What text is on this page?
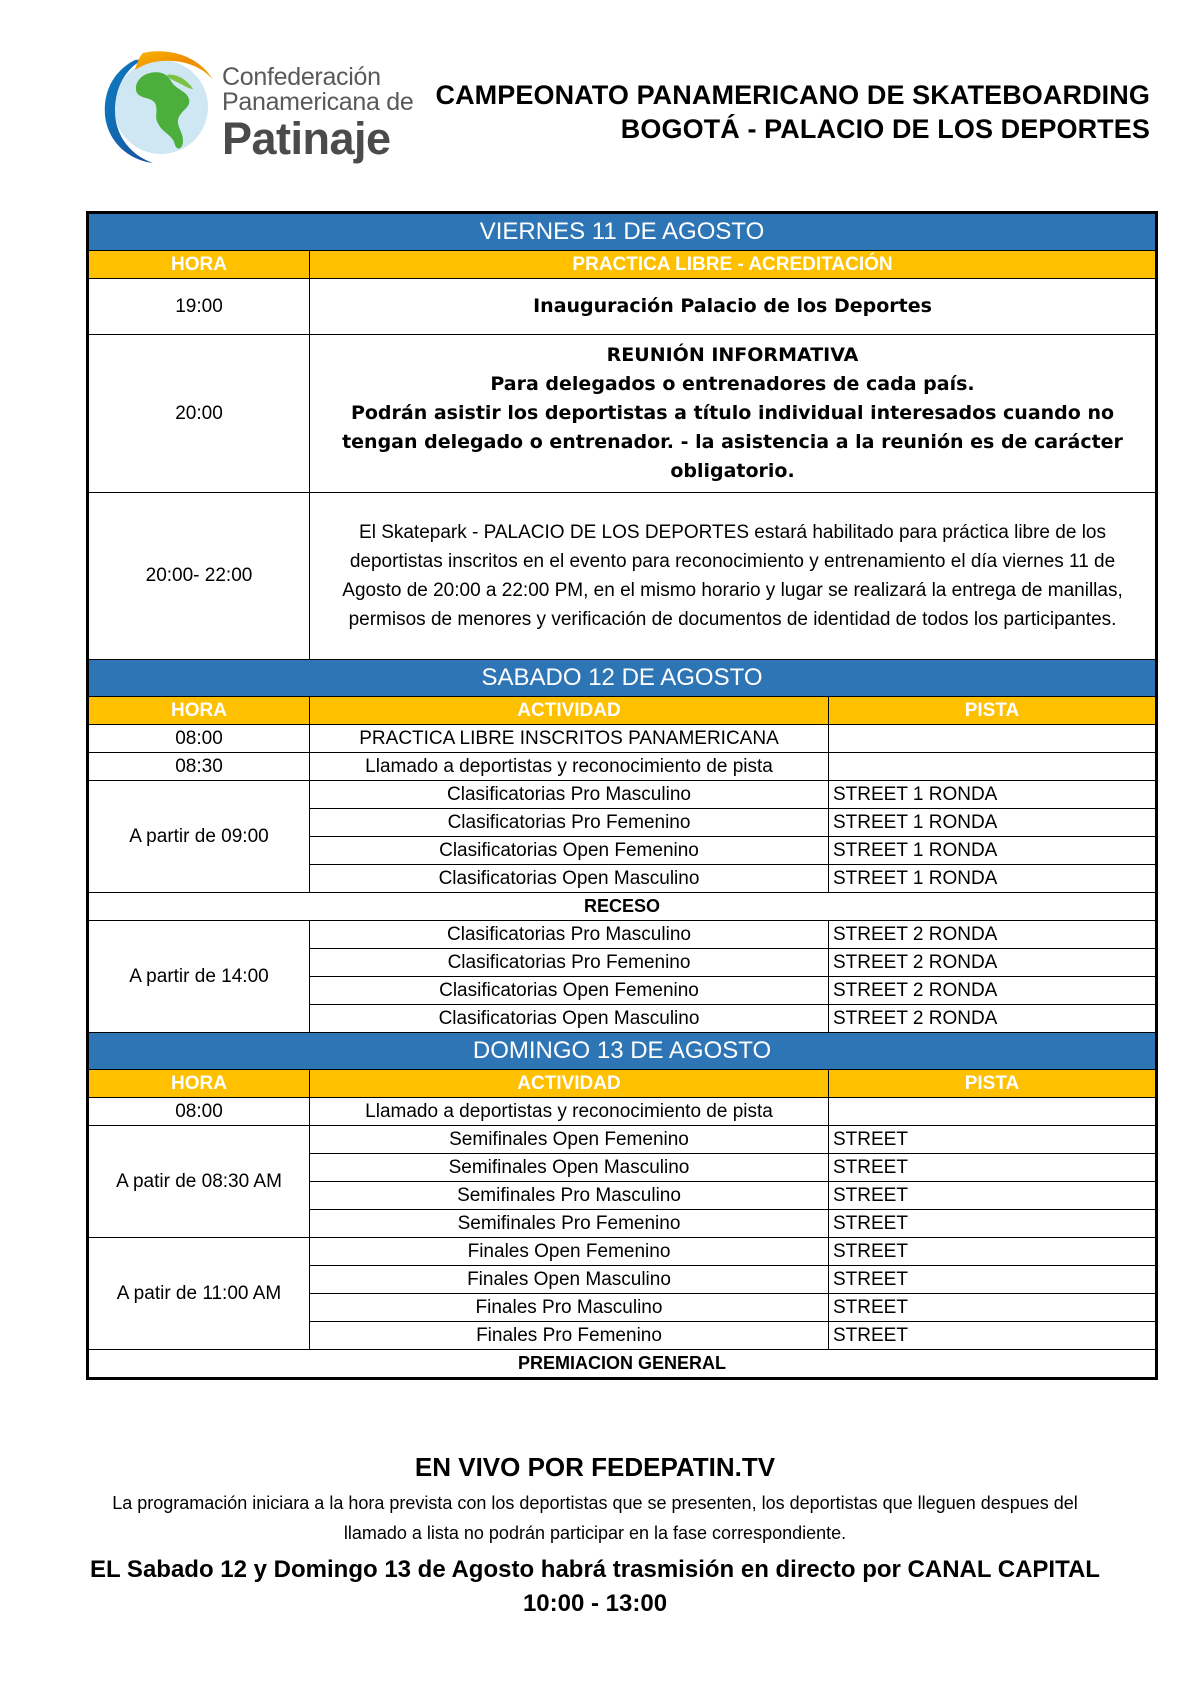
Confederación
Panamericana de
Patinaje
CAMPEONATO PANAMERICANO DE SKATEBOARDING
BOGOTÁ - PALACIO DE LOS DEPORTES
VIERNES 11 DE AGOSTO		
HORA	PRACTICA LIBRE - ACREDITACIÓN	
19:00	Inauguración Palacio de los Deportes	
20:00	REUNIÓN INFORMATIVA
Para delegados o entrenadores de cada país.
Podrán asistir los deportistas a título individual interesados cuando no tengan delegado o entrenador. - la asistencia a la reunión es de carácter obligatorio.	

20:00- 22:00	El Skatepark - PALACIO DE LOS DEPORTES estará habilitado para práctica libre de los deportistas inscritos en el evento para reconocimiento y entrenamiento el día viernes 11 de Agosto de 20:00 a 22:00 PM, en el mismo horario y lugar se realizará la entrega de manillas, permisos de menores y verificación de documentos de identidad de todos los participantes.	
SABADO 12 DE AGOSTO		
HORA	ACTIVIDAD	PISTA
08:00	PRACTICA LIBRE INSCRITOS PANAMERICANA	
08:30	Llamado a deportistas y reconocimiento de pista	
A partir de 09:00	Clasificatorias Pro Masculino	STREET 1 RONDA
	Clasificatorias Pro Femenino	STREET 1 RONDA
	Clasificatorias Open Femenino	STREET 1 RONDA
	Clasificatorias Open Masculino	STREET 1 RONDA
RECESO		
A partir de 14:00	Clasificatorias Pro Masculino	STREET 2 RONDA
	Clasificatorias Pro Femenino	STREET 2 RONDA
	Clasificatorias Open Femenino	STREET 2 RONDA
	Clasificatorias Open Masculino	STREET 2 RONDA
DOMINGO 13 DE AGOSTO		
HORA	ACTIVIDAD	PISTA
08:00	Llamado a deportistas y reconocimiento de pista	
A patir de 08:30 AM	Semifinales Open Femenino	STREET
	Semifinales Open Masculino	STREET
	Semifinales Pro Masculino	STREET
	Semifinales Pro Femenino	STREET
A patir de 11:00 AM	Finales Open Femenino	STREET
	Finales Open Masculino	STREET
	Finales Pro Masculino	STREET
	Finales Pro Femenino	STREET
PREMIACION GENERAL		
EN VIVO POR FEDEPATIN.TV
La programación iniciara a la hora prevista con los deportistas que se presenten, los deportistas que lleguen despues del
llamado a lista no podrán participar en la fase correspondiente.
EL Sabado 12 y Domingo 13 de Agosto habrá trasmisión en directo por CANAL CAPITAL
10:00 - 13:00
